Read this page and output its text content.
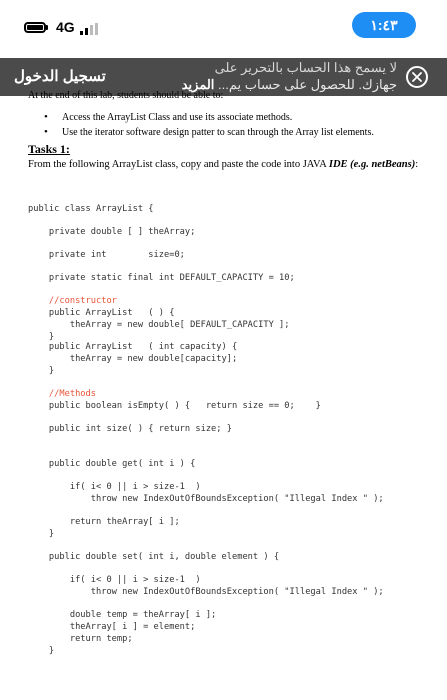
4G	١:٤٣
تسجيل الدخول
لا يسمح هذا الحساب بالتحرير على
جهازك. للحصول على حساب يم... المزيد
At the end of this lab, students should be able to:
• Access the ArrayList Class and use its associate methods.
• Use the iterator software design patter to scan through the Array list elements.
Tasks 1:
From the following ArrayList class, copy and paste the code into JAVA IDE (e.g. netBeans):
public class ArrayList {
private double [ ] theArray;
private int        size=0;
private static final int DEFAULT_CAPACITY = 10;
//constructor
public ArrayList   ( ) {
theArray = new double[ DEFAULT_CAPACITY ];
}
public ArrayList   ( int capacity) {
theArray = new double[capacity];
}
//Methods
public boolean isEmpty( ) {   return size == 0;    }
public int size( ) { return size; }
public double get( int i ) {
if( i< 0 || i > size-1  )
throw new IndexOutOfBoundsException( "Illegal Index " );
return theArray[ i ];
}
public double set( int i, double element ) {
if( i< 0 || i > size-1  )
throw new IndexOutOfBoundsException( "Illegal Index " );
double temp = theArray[ i ];
theArray[ i ] = element;
return temp;
}
